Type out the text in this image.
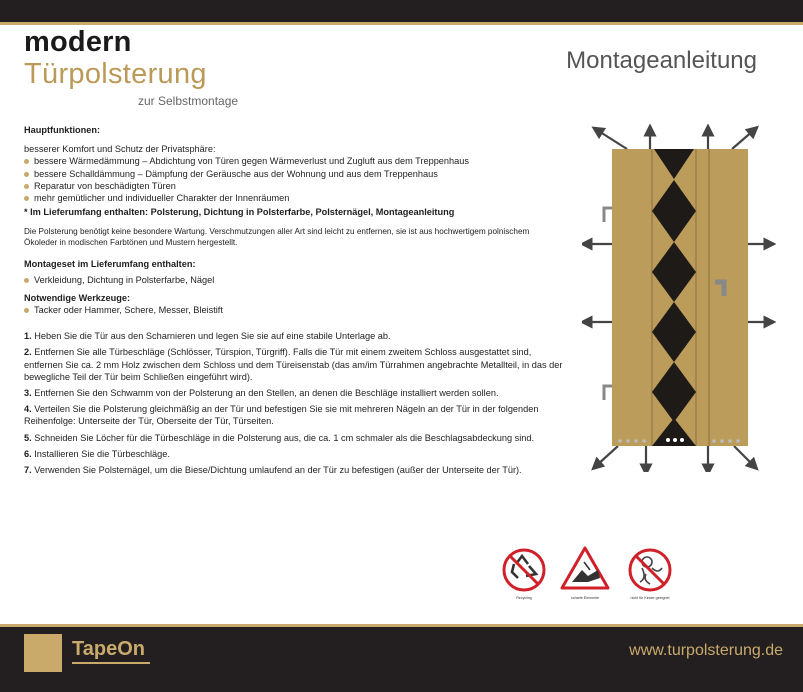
modern
Türpolsterung
zur Selbstmontage
Montageanleitung

Hauptfunktionen:

besserer Komfort und Schutz der Privatsphäre:

bessere Wärmedämmung – Abdichtung von Türen gegen Wärmeverlust und Zugluft aus dem Treppenhaus
bessere Schalldämmung – Dämpfung der Geräusche aus der Wohnung und aus dem Treppenhaus
Reparatur von beschädigten Türen
mehr gemütlicher und individueller Charakter der Innenräumen

* Im Lieferumfang enthalten: Polsterung, Dichtung in Polsterfarbe, Polsternägel, Montageanleitung

Die Polsterung benötigt keine besondere Wartung. Verschmutzungen aller Art sind leicht zu entfernen, sie ist aus hochwertigem polnischem Ökoleder in modischen Farbtönen und Mustern hergestellt.

Montageset im Lieferumfang enthalten:

Verkleidung, Dichtung in Polsterfarbe, Nägel

Notwendige Werkzeuge:

Tacker oder Hammer, Schere, Messer, Bleistift
1. Heben Sie die Tür aus den Scharnieren und legen Sie sie auf eine stabile Unterlage ab.
2. Entfernen Sie alle Türbeschläge (Schlösser, Türspion, Türgriff). Falls die Tür mit einem zweitem Schloss ausgestattet sind, entfernen Sie ca. 2 mm Holz zwischen dem Schloss und dem Türeisenstab (das am/im Türrahmen angebrachte Metallteil, in das der bewegliche Teil der Tür beim Schließen eingeführt wird).
3. Entfernen Sie den Schwamm von der Polsterung an den Stellen, an denen die Beschläge installiert werden sollen.
4. Verteilen Sie die Polsterung gleichmäßig an der Tür und befestigen Sie sie mit mehreren Nägeln an der Tür in der folgenden Reihenfolge: Unterseite der Tür, Oberseite der Tür, Türseiten.
5. Schneiden Sie Löcher für die Türbeschläge in die Polsterung aus, die ca. 1 cm schmaler als die Beschlagsabdeckung sind.
6. Installieren Sie die Türbeschläge.
7. Verwenden Sie Polsternägel, um die Biese/Dichtung umlaufend an der Tür zu befestigen (außer der Unterseite der Tür).
Recycling	scharfe Elemente	nicht für Kinder geeignet
TapeOn	www.turpolsterung.de
